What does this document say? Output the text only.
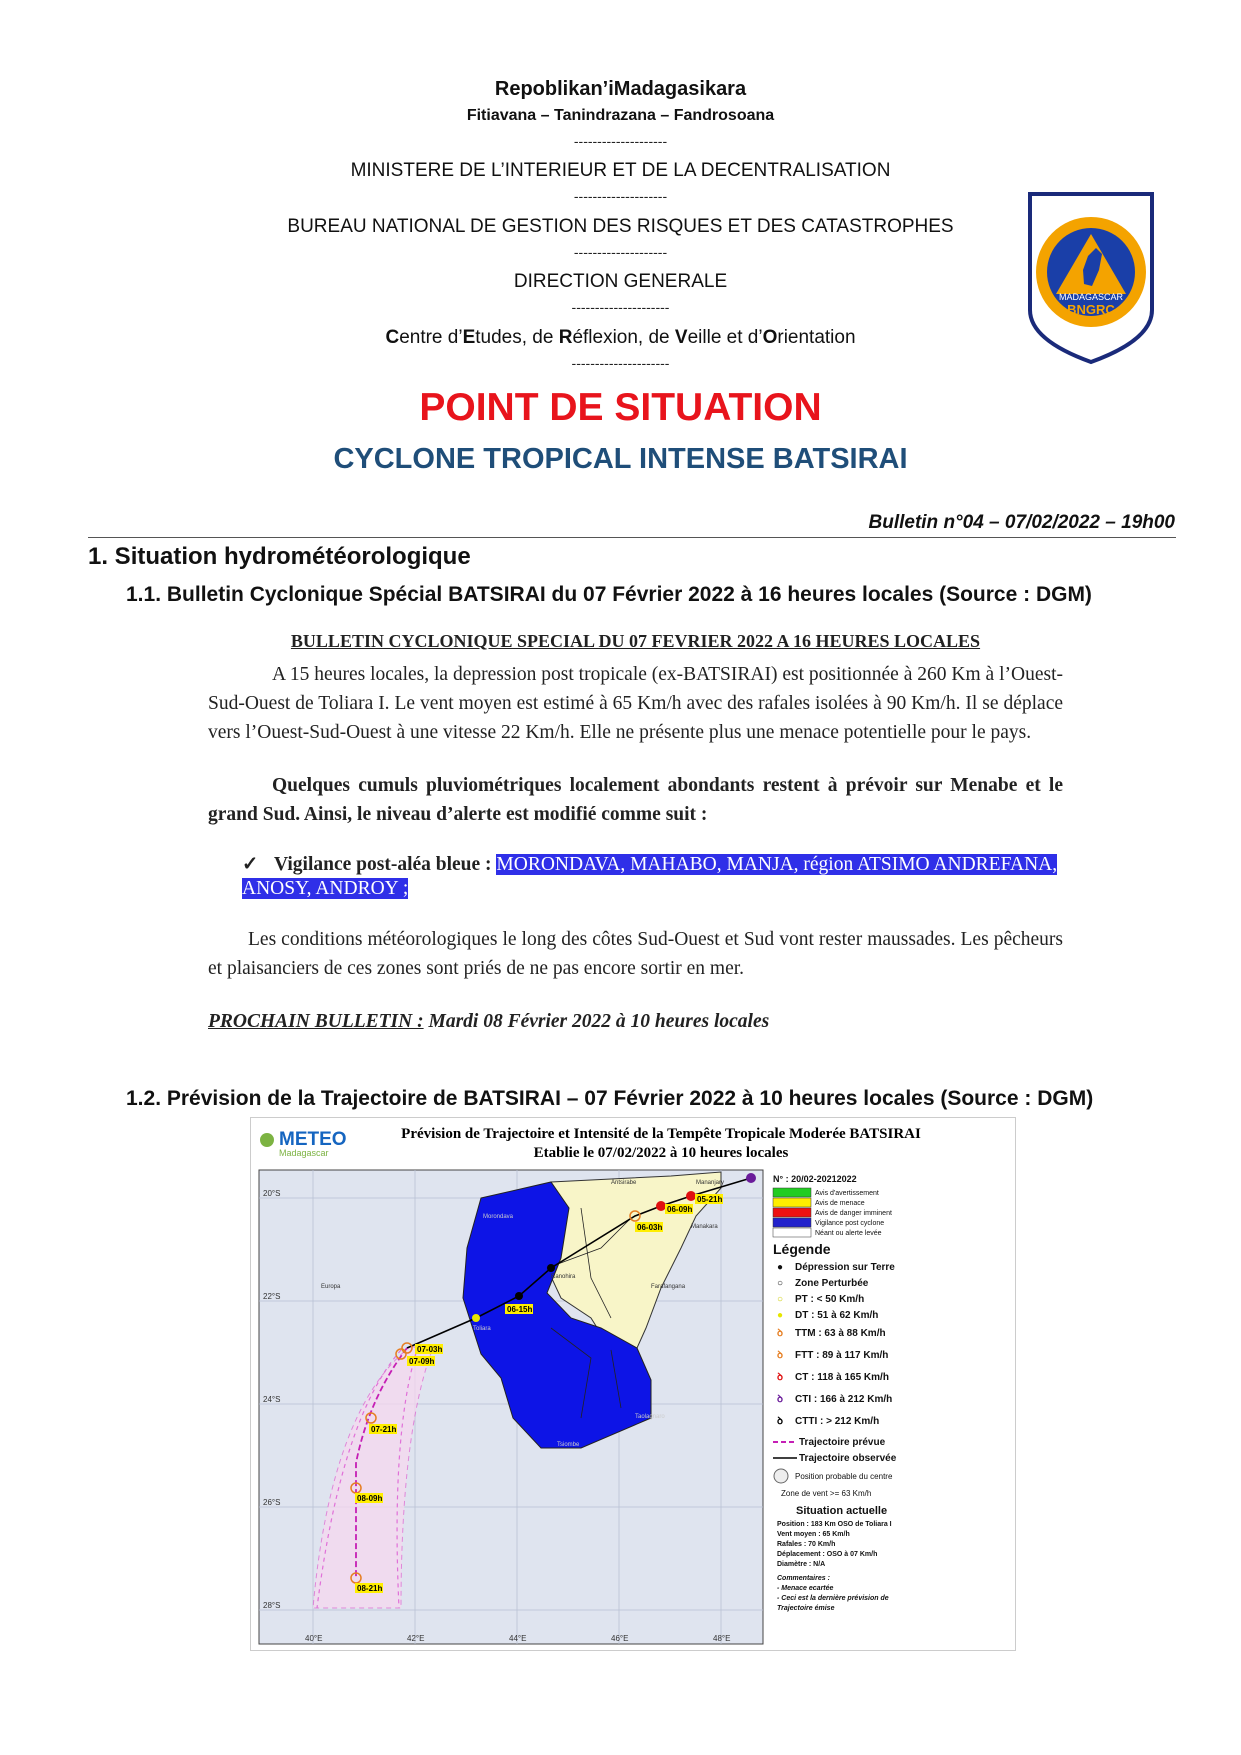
Repoblikan’iMadagasikara
Fitiavana – Tanindrazana – Fandrosoana
--------------------
MINISTERE DE L’INTERIEUR ET DE LA DECENTRALISATION
--------------------
BUREAU NATIONAL DE GESTION DES RISQUES ET DES CATASTROPHES
--------------------
DIRECTION GENERALE
---------------------
Centre d’Etudes, de Réflexion, de Veille et d’Orientation
---------------------
MADAGASCAR
BNGRC
POINT DE SITUATION
CYCLONE TROPICAL INTENSE BATSIRAI
Bulletin n°04 – 07/02/2022 – 19h00
1. Situation hydrométéorologique
1.1. Bulletin Cyclonique Spécial BATSIRAI du 07 Février 2022 à 16 heures locales (Source : DGM)
BULLETIN CYCLONIQUE SPECIAL DU 07 FEVRIER 2022 A 16 HEURES LOCALES

A 15 heures locales, la depression post tropicale (ex-BATSIRAI) est positionnée à 260 Km à l’Ouest- Sud-Ouest de Toliara I. Le vent moyen est estimé à 65 Km/h avec des rafales isolées à 90 Km/h. Il se déplace vers l’Ouest-Sud-Ouest à une vitesse 22 Km/h. Elle ne présente plus une menace potentielle pour le pays.

Quelques cumuls pluviométriques localement abondants restent à prévoir sur Menabe et le grand Sud. Ainsi, le niveau d’alerte est modifié comme suit :

✓ Vigilance post-aléa bleue : MORONDAVA, MAHABO, MANJA, région ATSIMO ANDREFANA, ANOSY, ANDROY ;

Les conditions météorologiques le long des côtes Sud-Ouest et Sud vont rester maussades. Les pêcheurs et plaisanciers de ces zones sont priés de ne pas encore sortir en mer.

PROCHAIN BULLETIN : Mardi 08 Février 2022 à 10 heures locales
1.2. Prévision de la Trajectoire de BATSIRAI – 07 Février 2022 à 10 heures locales (Source : DGM)
METEO
Madagascar
Prévision de Trajectoire et Intensité de la Tempête Tropicale Moderée BATSIRAI
Etablie le 07/02/2022 à 10 heures locales
20°S
22°S
24°S
26°S
28°S
40°E	42°E	44°E	46°E	48°E
05-21h
06-09h
06-03h
06-15h
07-03h
07-09h
07-21h
08-09h
08-21h
Antsirabe	Mananjary
Morondava
Ranohira
Farafangana
Toliara
Tsiombe
Taolagnaro
Europa
Manakara
N° : 20/02-20212022
Avis d'avertissement
Avis de menace
Avis de danger imminent
Vigilance post cyclone
Néant ou alerte levée
Légende
● Dépression sur Terre
○ Zone Perturbée
○ PT : < 50 Km/h
● DT : 51 à 62 Km/h
ꝺ TTM : 63 à 88 Km/h
ꝺ FTT : 89 à 117 Km/h
ꝺ CT : 118 à 165 Km/h
ꝺ CTI : 166 à 212 Km/h
ꝺ CTTI : > 212 Km/h
Trajectoire prévue
Trajectoire observée
Position probable du centre
Zone de vent >= 63 Km/h
Situation actuelle
Position : 183 Km OSO de Toliara I
Vent moyen : 65 Km/h
Rafales : 70 Km/h
Déplacement : OSO à 07 Km/h
Diamètre : N/A
Commentaires :
- Menace ecartée
- Ceci est la dernière prévision de
Trajectoire émise
